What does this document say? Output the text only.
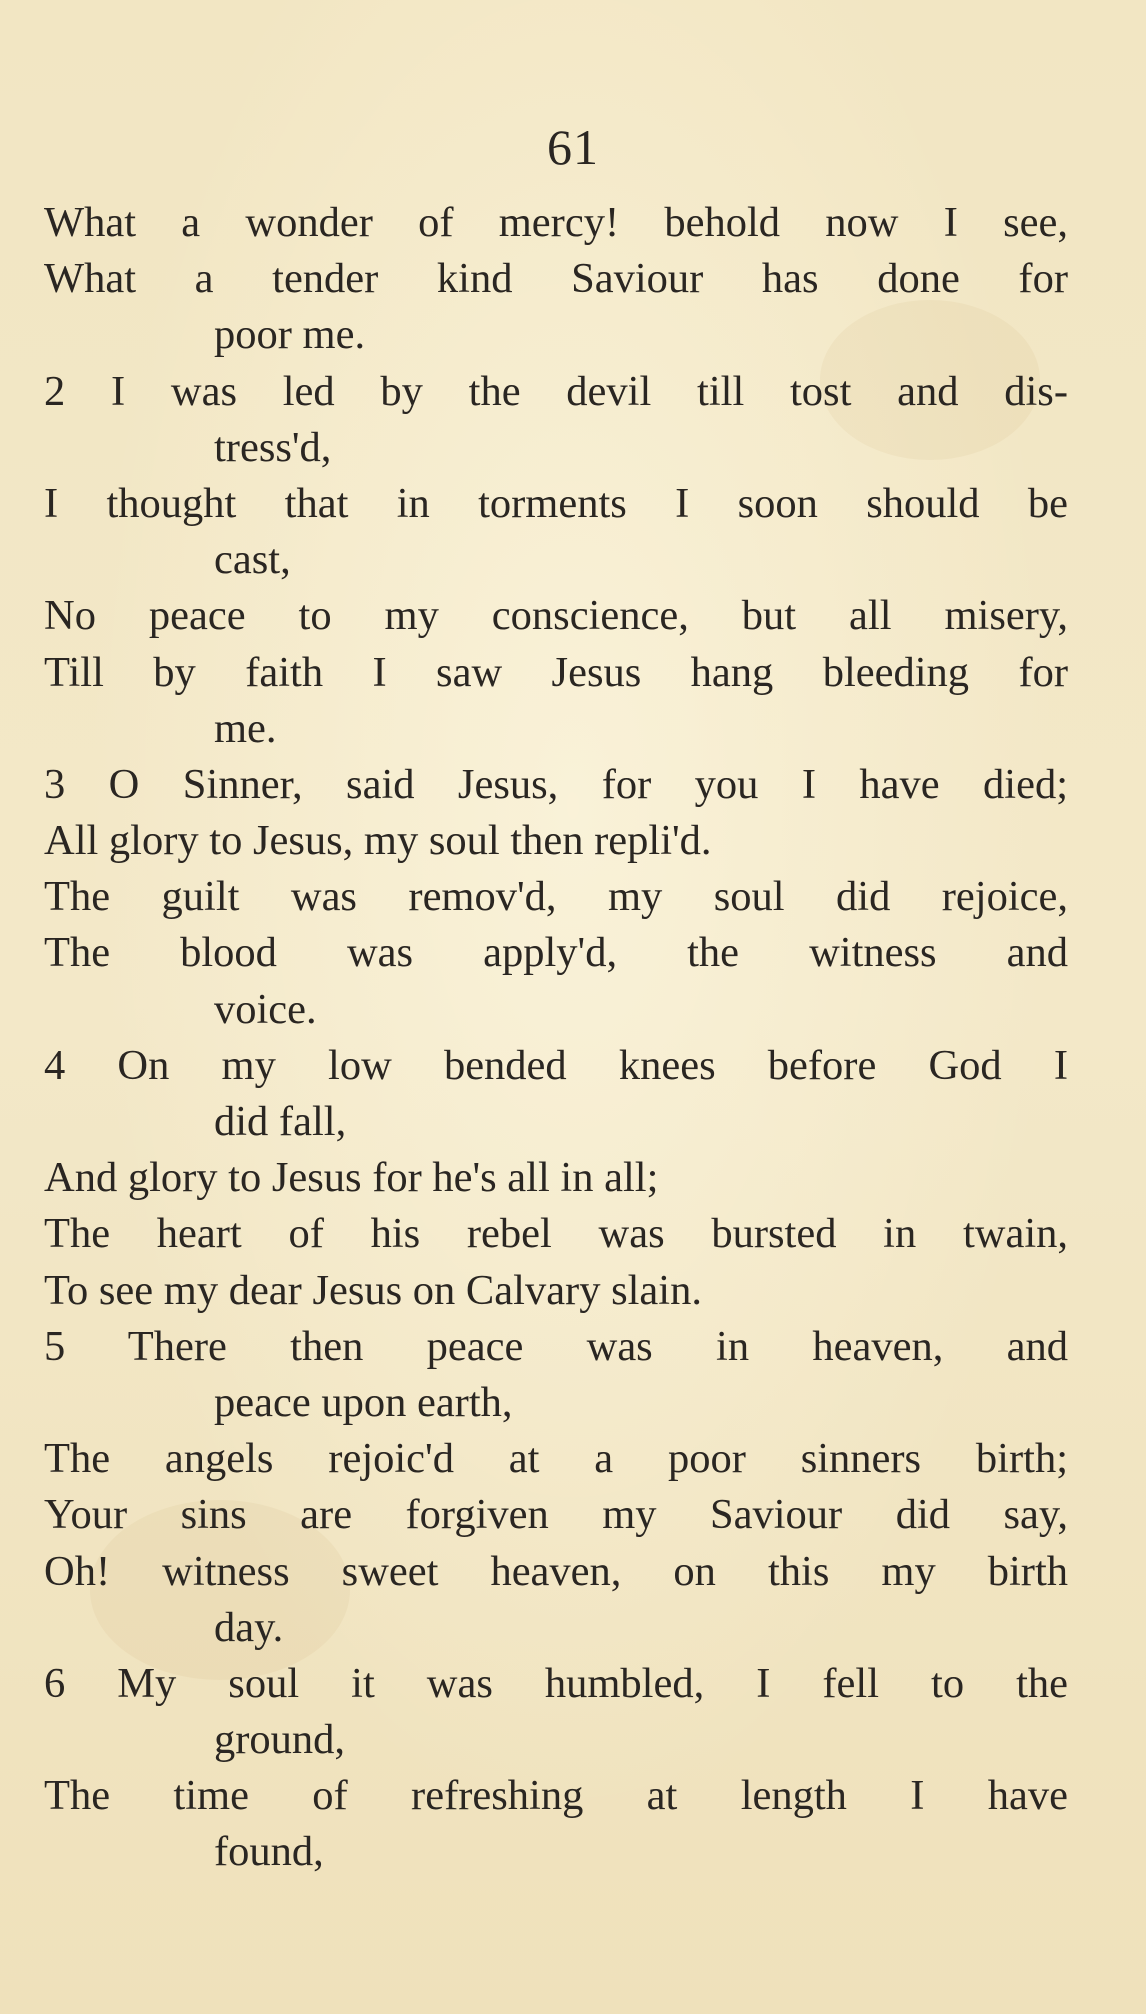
61
What a wonder of mercy! behold now I see,
What a tender kind Saviour has done for
poor me.
2 I was led by the devil till tost and dis-
tress'd,
I thought that in torments I soon should be
cast,
No peace to my conscience, but all misery,
Till by faith I saw Jesus hang bleeding for
me.
3 O Sinner, said Jesus, for you I have died;
All glory to Jesus, my soul then repli'd.
The guilt was remov'd, my soul did rejoice,
The blood was apply'd, the witness and
voice.
4 On my low bended knees before God I
did fall,
And glory to Jesus for he's all in all;
The heart of his rebel was bursted in twain,
To see my dear Jesus on Calvary slain.
5 There then peace was in heaven, and
peace upon earth,
The angels rejoic'd at a poor sinners birth;
Your sins are forgiven my Saviour did say,
Oh! witness sweet heaven, on this my birth
day.
6 My soul it was humbled, I fell to the
ground,
The time of refreshing at length I have
found,
